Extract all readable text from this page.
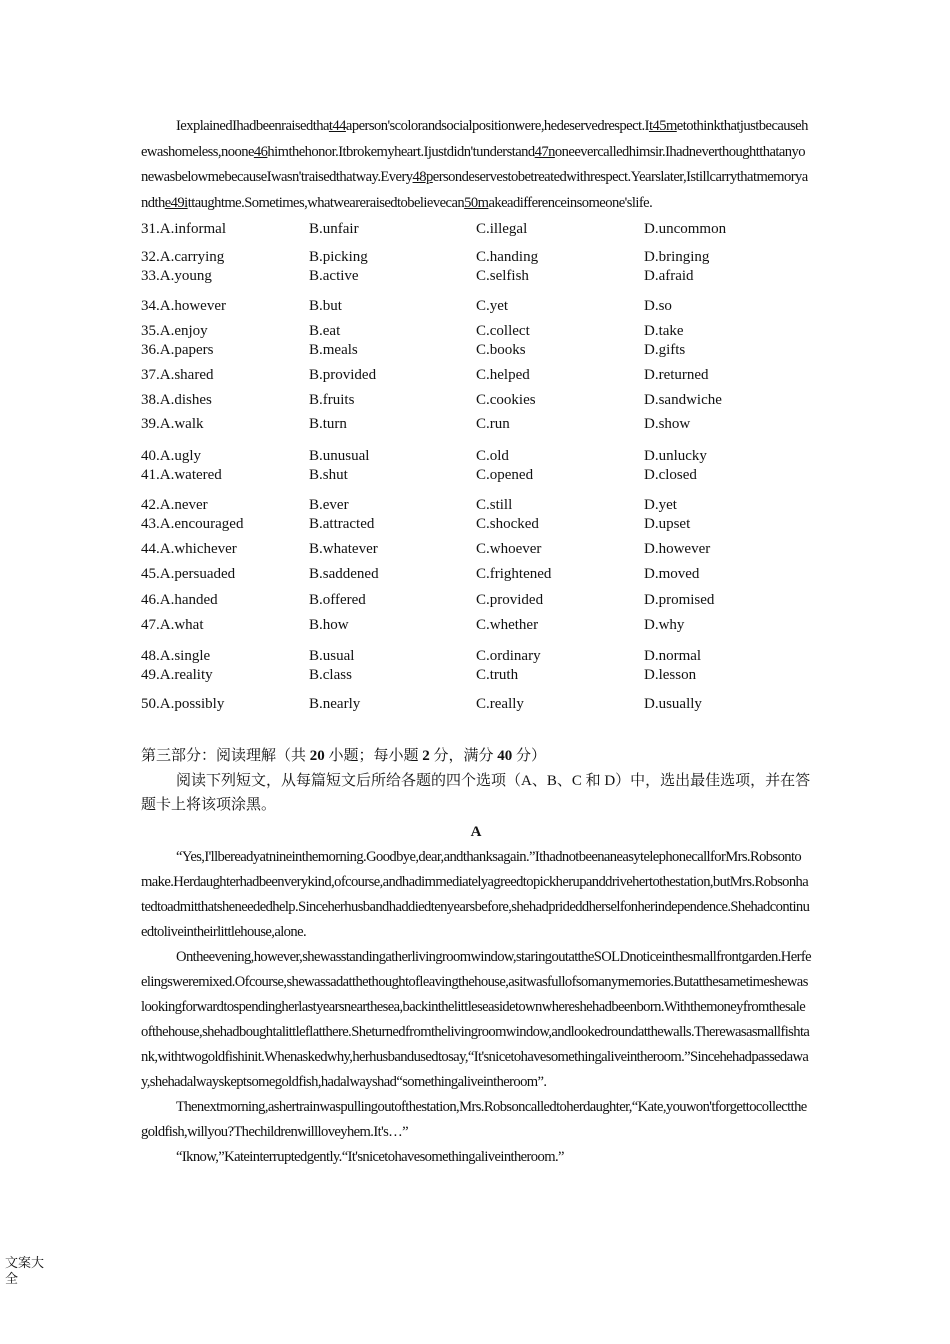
IexplainedIhadbeenraisedthat44aperson'scolorandsocialpositionwere,hedeservedrespect.It45metothinkthatjustbecausehewashomeless,noone46himthehonor.Itbrokemyheart.Ijustdidn'tunderstand47noneevercalledhimsir.IhadneverthoughtthatanyonewasbelowmebecauseIwasn'traisedthatway.Every48persondeservestobetreatedwithrespect.Yearslater,Istillcarrythatmemoryandthe49ittaughtme.Sometimes,whatweareraisedtobelievecan50makeadifferenceinsomeone'slife.

31.A.informal	B.unfair	C.illegal	D.uncommon
32.A.carrying	B.picking	C.handing	D.bringing
33.A.young	B.active	C.selfish	D.afraid
34.A.however	B.but	C.yet	D.so
35.A.enjoy	B.eat	C.collect	D.take
36.A.papers	B.meals	C.books	D.gifts
37.A.shared	B.provided	C.helped	D.returned
38.A.dishes	B.fruits	C.cookies	D.sandwiche
39.A.walk	B.turn	C.run	D.show
40.A.ugly	B.unusual	C.old	D.unlucky
41.A.watered	B.shut	C.opened	D.closed
42.A.never	B.ever	C.still	D.yet
43.A.encouraged	B.attracted	C.shocked	D.upset
44.A.whichever	B.whatever	C.whoever	D.however
45.A.persuaded	B.saddened	C.frightened	D.moved
46.A.handed	B.offered	C.provided	D.promised
47.A.what	B.how	C.whether	D.why
48.A.single	B.usual	C.ordinary	D.normal
49.A.reality	B.class	C.truth	D.lesson
50.A.possibly	B.nearly	C.really	D.usually
第三部分：阅读理解（共 20 小题；每小题 2 分，满分 40 分）

阅读下列短文，从每篇短文后所给各题的四个选项（A、B、C 和 D）中，选出最佳选项，并在答题卡上将该项涂黑。

A

“Yes,I'llbereadyatnineinthemorning.Goodbye,dear,andthanksagain.”IthadnotbeenaneasytelephonecallforMrs.Robsontomake.Herdaughterhadbeenverykind,ofcourse,andhadimmediatelyagreedtopickherupanddrivehertothestation,butMrs.Robsonhatedtoadmitthatsheneededhelp.Sinceherhusbandhaddiedtenyearsbefore,shehadprideddherselfonherindependence.Shehadcontinuedtoliveintheirlittlehouse,alone.

Ontheevening,however,shewasstandingatherlivingroomwindow,staringoutattheSOLDnoticeinthesmallfrontgarden.Herfeelingsweremixed.Ofcourse,shewassadatthethoughtofleavingthehouse,asitwasfullofsomanymemories.Butatthesametimeshewaslookingforwardtospendingherlastyearsnearthesea,backinthelittleseasidetownwhereshehadbeenborn.Withthemoneyfromthesaleofthehouse,shehadboughtalittleflatthere.Sheturnedfromthelivingroomwindow,andlookedroundatthewalls.Therewasasmallfishtank,withtwogoldfishinit.Whenaskedwhy,herhusbandusedtosay,“It'snicetohavesomethingaliveintheroom.”Sincehehadpassedaway,shehadalwayskeptsomegoldfish,hadalwayshad“somethingaliveintheroom”.

Thenextmorning,ashertrainwaspullingoutofthestation,Mrs.Robsoncalledtoherdaughter,“Kate,youwon'tforgettocollectthegoldfish,willyou?Thechildrenwillloveyhem.It's…”

“Iknow,”Kateinterruptedgently.“It'snicetohavesomethingaliveintheroom.”

文案大全
